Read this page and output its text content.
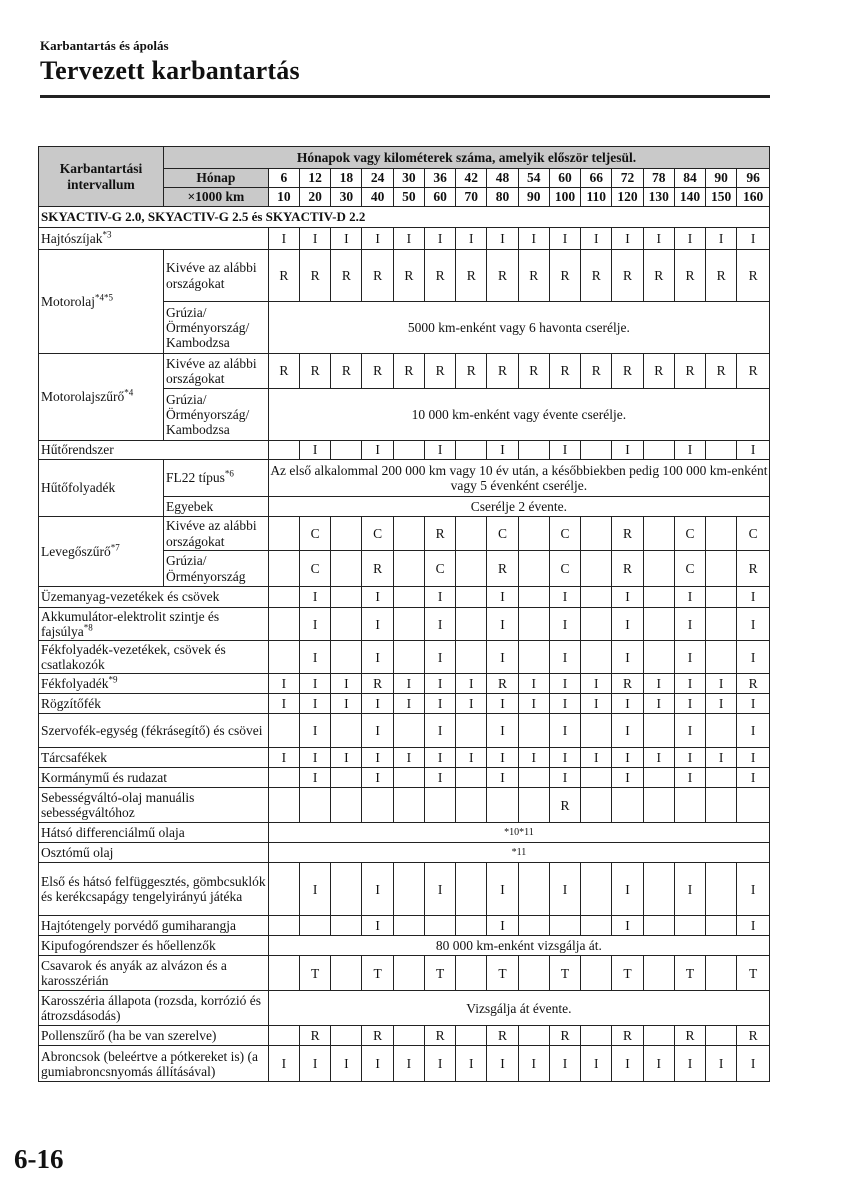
Karbantartás és ápolás
Tervezett karbantartás
Karbantartási intervallum	Hónapok vagy kilométerek száma, amelyik először teljesül.																
	Hónap	6	12	18	24	30	36	42	48	54	60	66	72	78	84	90	96
	×1000 km	10	20	30	40	50	60	70	80	90	100	110	120	130	140	150	160
SKYACTIV-G 2.0, SKYACTIV-G 2.5 és SKYACTIV-D 2.2																	
Hajtószíjak$^{*3}$		I	I	I	I	I	I	I	I	I	I	I	I	I	I	I	I
Motorolaj$^{*4*5}$	Kivéve az alábbi országokat	R	R	R	R	R	R	R	R	R	R	R	R	R	R	R	R
	Grúzia/ Örményország/ Kambodzsa	5000 km-enként vagy 6 havonta cserélje.															
Motorolajszűrő$^{*4}$	Kivéve az alábbi országokat	R	R	R	R	R	R	R	R	R	R	R	R	R	R	R	R
	Grúzia/ Örményország/ Kambodzsa	10 000 km-enként vagy évente cserélje.															
Hűtőrendszer			I		I		I		I		I		I		I		I
Hűtőfolyadék	FL22 típus$^{*6}$	Az első alkalommal 200 000 km vagy 10 év után, a későbbiekben pedig 100 000 km-enként vagy 5 évenként cserélje.															
	Egyebek	Cserélje 2 évente.															
Levegőszűrő$^{*7}$	Kivéve az alábbi országokat		C		C		R		C		C		R		C		C
	Grúzia/ Örményország		C		R		C		R		C		R		C		R
Üzemanyag-vezetékek és csövek			I		I		I		I		I		I		I		I
Akkumulátor-elektrolit szintje és fajsúlya$^{*8}$			I		I		I		I		I		I		I		I
Fékfolyadék-vezetékek, csövek és csatlakozók			I		I		I		I		I		I		I		I
Fékfolyadék$^{*9}$		I	I	I	R	I	I	I	R	I	I	I	R	I	I	I	R
Rögzítőfék		I	I	I	I	I	I	I	I	I	I	I	I	I	I	I	I
Szervofék-egység (fékrásegítő) és csövei			I		I		I		I		I		I		I		I
Tárcsafékek		I	I	I	I	I	I	I	I	I	I	I	I	I	I	I	I
Kormánymű és rudazat			I		I		I		I		I		I		I		I
Sebességváltó-olaj manuális sebességváltóhoz											R						
Hátsó differenciálmű olaja		*10*11															
Osztómű olaj		*11															
Első és hátsó felfüggesztés, gömbcsuklók és kerékcsapágy tengelyirányú játéka			I		I		I		I		I		I		I		I
Hajtótengely porvédő gumiharangja					I				I				I				I
Kipufogórendszer és hőellenzők		80 000 km-enként vizsgálja át.															
Csavarok és anyák az alvázon és a karosszérián			T		T		T		T		T		T		T		T
Karosszéria állapota (rozsda, korrózió és átrozsdásodás)		Vizsgálja át évente.															
Pollenszűrő (ha be van szerelve)			R		R		R		R		R		R		R		R
Abroncsok (beleértve a pótkereket is) (a gumiabroncsnyomás állításával)		I	I	I	I	I	I	I	I	I	I	I	I	I	I	I	I
6-16
